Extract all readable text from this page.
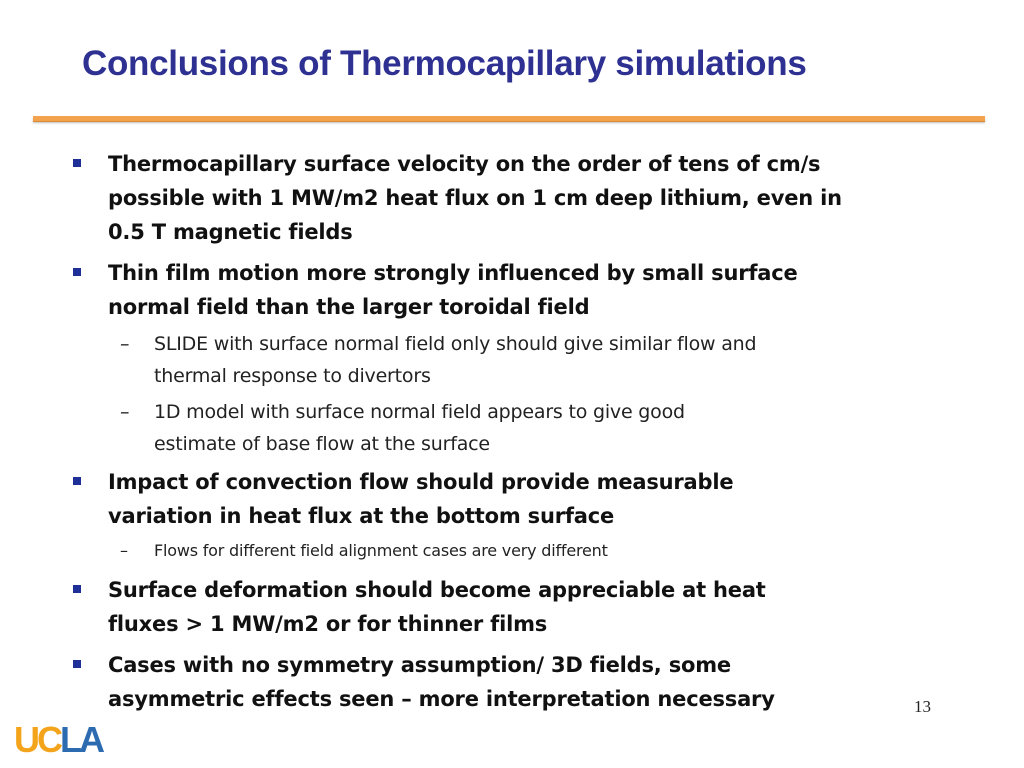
Conclusions of Thermocapillary simulations
Thermocapillary surface velocity on the order of tens of cm/s
possible with 1 MW/m2 heat flux on 1 cm deep lithium, even in
0.5 T magnetic fields
Thin film motion more strongly influenced by small surface
normal field than the larger toroidal field
– SLIDE with surface normal field only should give similar flow and
thermal response to divertors
– 1D model with surface normal field appears to give good
estimate of base flow at the surface
Impact of convection flow should provide measurable
variation in heat flux at the bottom surface
– Flows for different field alignment cases are very different
Surface deformation should become appreciable at heat
fluxes > 1 MW/m2 or for thinner films
Cases with no symmetry assumption/ 3D fields, some
asymmetric effects seen – more interpretation necessary	13
UCLA
